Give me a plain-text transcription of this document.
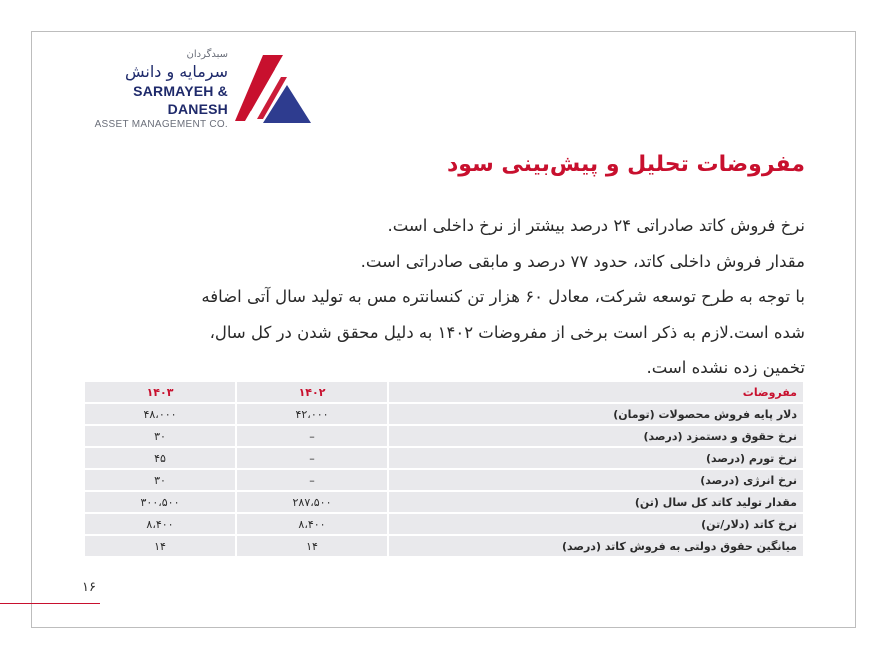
سبدگردان
سرمایه و دانش
SARMAYEH & DANESH
ASSET MANAGEMENT CO.
مفروضات تحلیل و پیش‌بینی سود
نرخ فروش کاتد صادراتی ۲۴ درصد بیشتر از نرخ داخلی است.
مقدار فروش داخلی کاتد، حدود ۷۷ درصد و مابقی صادراتی است.
با توجه به طرح توسعه شرکت، معادل ۶۰ هزار تن کنسانتره مس به تولید سال آتی اضافه
شده است.لازم به ذکر است برخی از مفروضات ۱۴۰۲ به دلیل محقق شدن در کل سال،
تخمین زده نشده است.
مفروضات	۱۴۰۲	۱۴۰۳
دلار پایه فروش محصولات (تومان)	۴۲،۰۰۰	۴۸،۰۰۰
نرخ حقوق و دستمزد (درصد)	–	۳۰
نرخ تورم (درصد)	–	۴۵
نرخ انرژی (درصد)	–	۳۰
مقدار تولید کاتد کل سال (تن)	۲۸۷،۵۰۰	۳۰۰،۵۰۰
نرخ کاتد (دلار/تن)	۸،۴۰۰	۸،۴۰۰
میانگین حقوق دولتی به فروش کاتد (درصد)	۱۴	۱۴
۱۶
